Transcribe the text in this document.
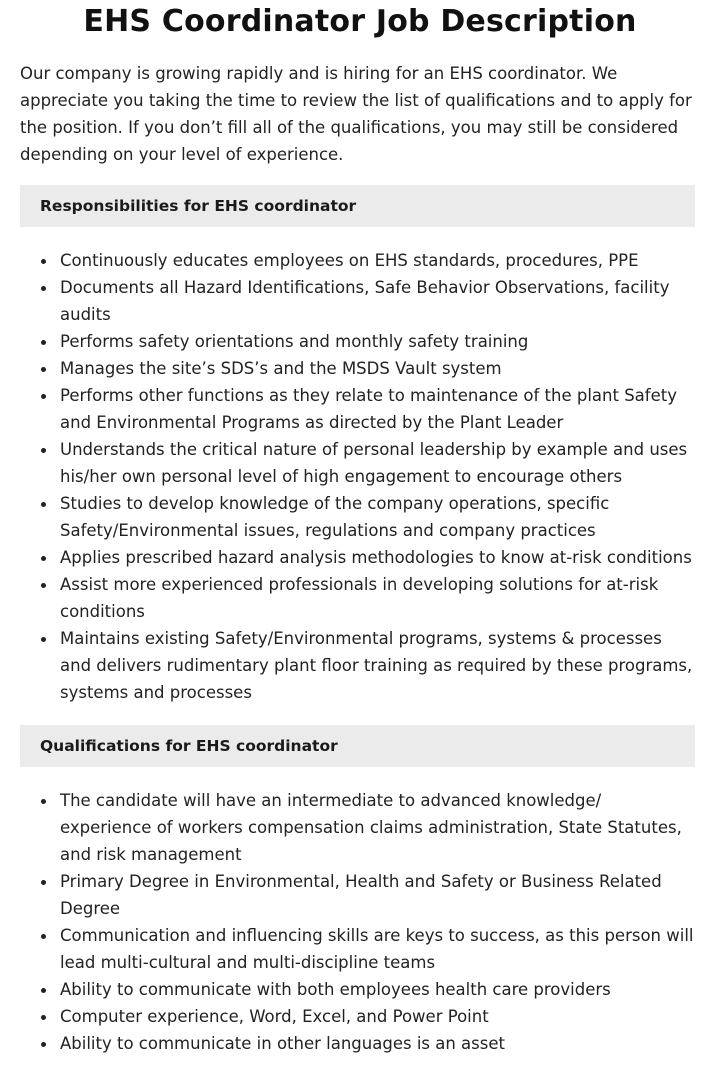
EHS Coordinator Job Description

Our company is growing rapidly and is hiring for an EHS coordinator. We appreciate you taking the time to review the list of qualifications and to apply for the position. If you don’t fill all of the qualifications, you may still be considered depending on your level of experience.

Responsibilities for EHS coordinator
Continuously educates employees on EHS standards, procedures, PPE
Documents all Hazard Identifications, Safe Behavior Observations, facility audits
Performs safety orientations and monthly safety training
Manages the site’s SDS’s and the MSDS Vault system
Performs other functions as they relate to maintenance of the plant Safety and Environmental Programs as directed by the Plant Leader
Understands the critical nature of personal leadership by example and uses his/her own personal level of high engagement to encourage others
Studies to develop knowledge of the company operations, specific Safety/Environmental issues, regulations and company practices
Applies prescribed hazard analysis methodologies to know at-risk conditions
Assist more experienced professionals in developing solutions for at-risk conditions
Maintains existing Safety/Environmental programs, systems & processes and delivers rudimentary plant floor training as required by these programs, systems and processes
Qualifications for EHS coordinator
The candidate will have an intermediate to advanced knowledge/ experience of workers compensation claims administration, State Statutes, and risk management
Primary Degree in Environmental, Health and Safety or Business Related Degree
Communication and influencing skills are keys to success, as this person will lead multi-cultural and multi-discipline teams
Ability to communicate with both employees health care providers
Computer experience, Word, Excel, and Power Point
Ability to communicate in other languages is an asset
